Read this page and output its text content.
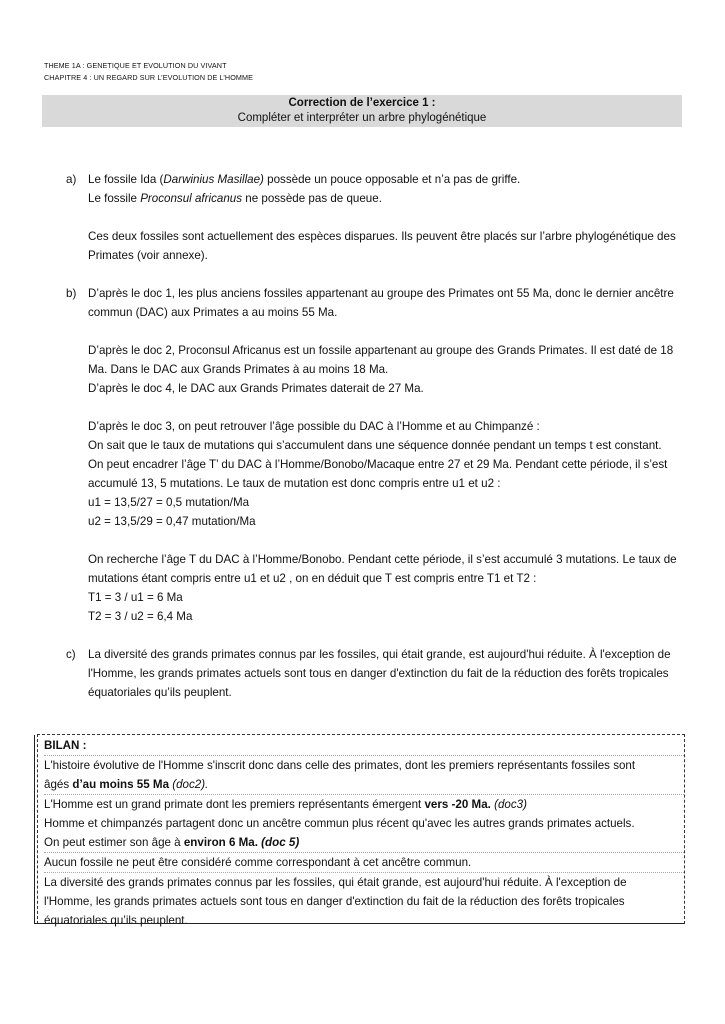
THEME 1A : GENETIQUE ET EVOLUTION DU VIVANT
CHAPITRE 4 : UN REGARD SUR L’EVOLUTION DE L’HOMME
Correction de l’exercice 1 :
Compléter et interpréter un arbre phylogénétique
a) Le fossile Ida (Darwinius Masillae) possède un pouce opposable et n’a pas de griffe.

Le fossile Proconsul africanus ne possède pas de queue.

Ces deux fossiles sont actuellement des espèces disparues. Ils peuvent être placés sur l’arbre phylogénétique des Primates (voir annexe).

b) D’après le doc 1, les plus anciens fossiles appartenant au groupe des Primates ont 55 Ma, donc le dernier ancêtre commun (DAC) aux Primates a au moins 55 Ma.

D’après le doc 2, Proconsul Africanus est un fossile appartenant au groupe des Grands Primates. Il est daté de 18 Ma. Dans le DAC aux Grands Primates à au moins 18 Ma.

D’après le doc 4, le DAC aux Grands Primates daterait de 27 Ma.

D’après le doc 3, on peut retrouver l’âge possible du DAC à l’Homme et au Chimpanzé :

On sait que le taux de mutations qui s’accumulent dans une séquence donnée pendant un temps t est constant.

On peut encadrer l’âge T’ du DAC à l’Homme/Bonobo/Macaque entre 27 et 29 Ma. Pendant cette période, il s’est accumulé 13, 5 mutations. Le taux de mutation est donc compris entre u1 et u2 :

u1 = 13,5/27 = 0,5 mutation/Ma

u2 = 13,5/29 = 0,47 mutation/Ma

On recherche l’âge T du DAC à l’Homme/Bonobo. Pendant cette période, il s’est accumulé 3 mutations. Le taux de mutations étant compris entre u1 et u2 , on en déduit que T est compris entre T1 et T2 :

T1 = 3 / u1 = 6 Ma

T2 = 3 / u2 = 6,4 Ma

c) La diversité des grands primates connus par les fossiles, qui était grande, est aujourd'hui réduite. À l'exception de l'Homme, les grands primates actuels sont tous en danger d'extinction du fait de la réduction des forêts tropicales équatoriales qu’ils peuplent.

BILAN :
L'histoire évolutive de l'Homme s'inscrit donc dans celle des primates, dont les premiers représentants fossiles sont
âgés d’au moins 55 Ma (doc2).
L'Homme est un grand primate dont les premiers représentants émergent vers -20 Ma. (doc3)
Homme et chimpanzés partagent donc un ancêtre commun plus récent qu'avec les autres grands primates actuels.
On peut estimer son âge à environ 6 Ma. (doc 5)
Aucun fossile ne peut être considéré comme correspondant à cet ancêtre commun.
La diversité des grands primates connus par les fossiles, qui était grande, est aujourd'hui réduite. À l'exception de
l'Homme, les grands primates actuels sont tous en danger d'extinction du fait de la réduction des forêts tropicales
équatoriales qu’ils peuplent.
